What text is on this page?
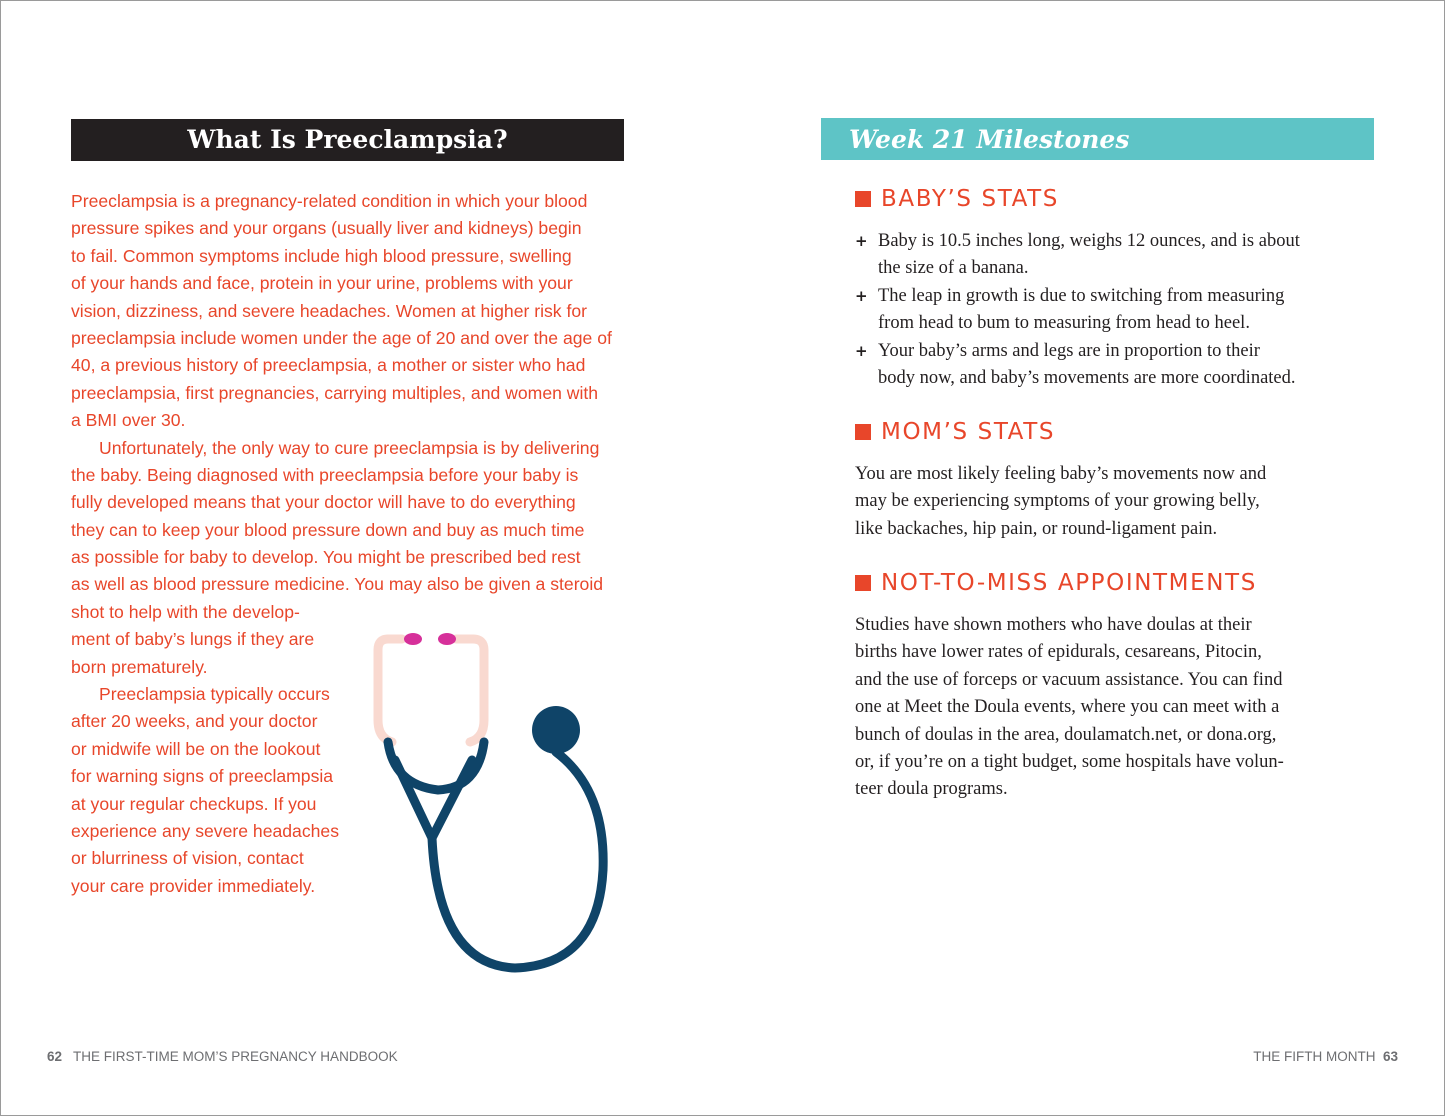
What Is Preeclampsia?
Preeclampsia is a pregnancy-related condition in which your blood
pressure spikes and your organs (usually liver and kidneys) begin
to fail. Common symptoms include high blood pressure, swelling
of your hands and face, protein in your urine, problems with your
vision, dizziness, and severe headaches. Women at higher risk for
preeclampsia include women under the age of 20 and over the age of
40, a previous history of preeclampsia, a mother or sister who had
preeclampsia, first pregnancies, carrying multiples, and women with
a BMI over 30.
Unfortunately, the only way to cure preeclampsia is by delivering
the baby. Being diagnosed with preeclampsia before your baby is
fully developed means that your doctor will have to do everything
they can to keep your blood pressure down and buy as much time
as possible for baby to develop. You might be prescribed bed rest
as well as blood pressure medicine. You may also be given a steroid
shot to help with the develop-
ment of baby’s lungs if they are
born prematurely.
Preeclampsia typically occurs
after 20 weeks, and your doctor
or midwife will be on the lookout
for warning signs of preeclampsia
at your regular checkups. If you
experience any severe headaches
or blurriness of vision, contact
your care provider immediately.
62 THE FIRST-TIME MOM’S PREGNANCY HANDBOOK
Week 21 Milestones
BABY’S STATS
+ Baby is 10.5 inches long, weighs 12 ounces, and is about
the size of a banana.
+ The leap in growth is due to switching from measuring
from head to bum to measuring from head to heel.
+ Your baby’s arms and legs are in proportion to their
body now, and baby’s movements are more coordinated.
MOM’S STATS
You are most likely feeling baby’s movements now and
may be experiencing symptoms of your growing belly,
like backaches, hip pain, or round-ligament pain.
NOT-TO-MISS APPOINTMENTS
Studies have shown mothers who have doulas at their
births have lower rates of epidurals, cesareans, Pitocin,
and the use of forceps or vacuum assistance. You can find
one at Meet the Doula events, where you can meet with a
bunch of doulas in the area, doulamatch.net, or dona.org,
or, if you’re on a tight budget, some hospitals have volun-
teer doula programs.
THE FIFTH MONTH 63
